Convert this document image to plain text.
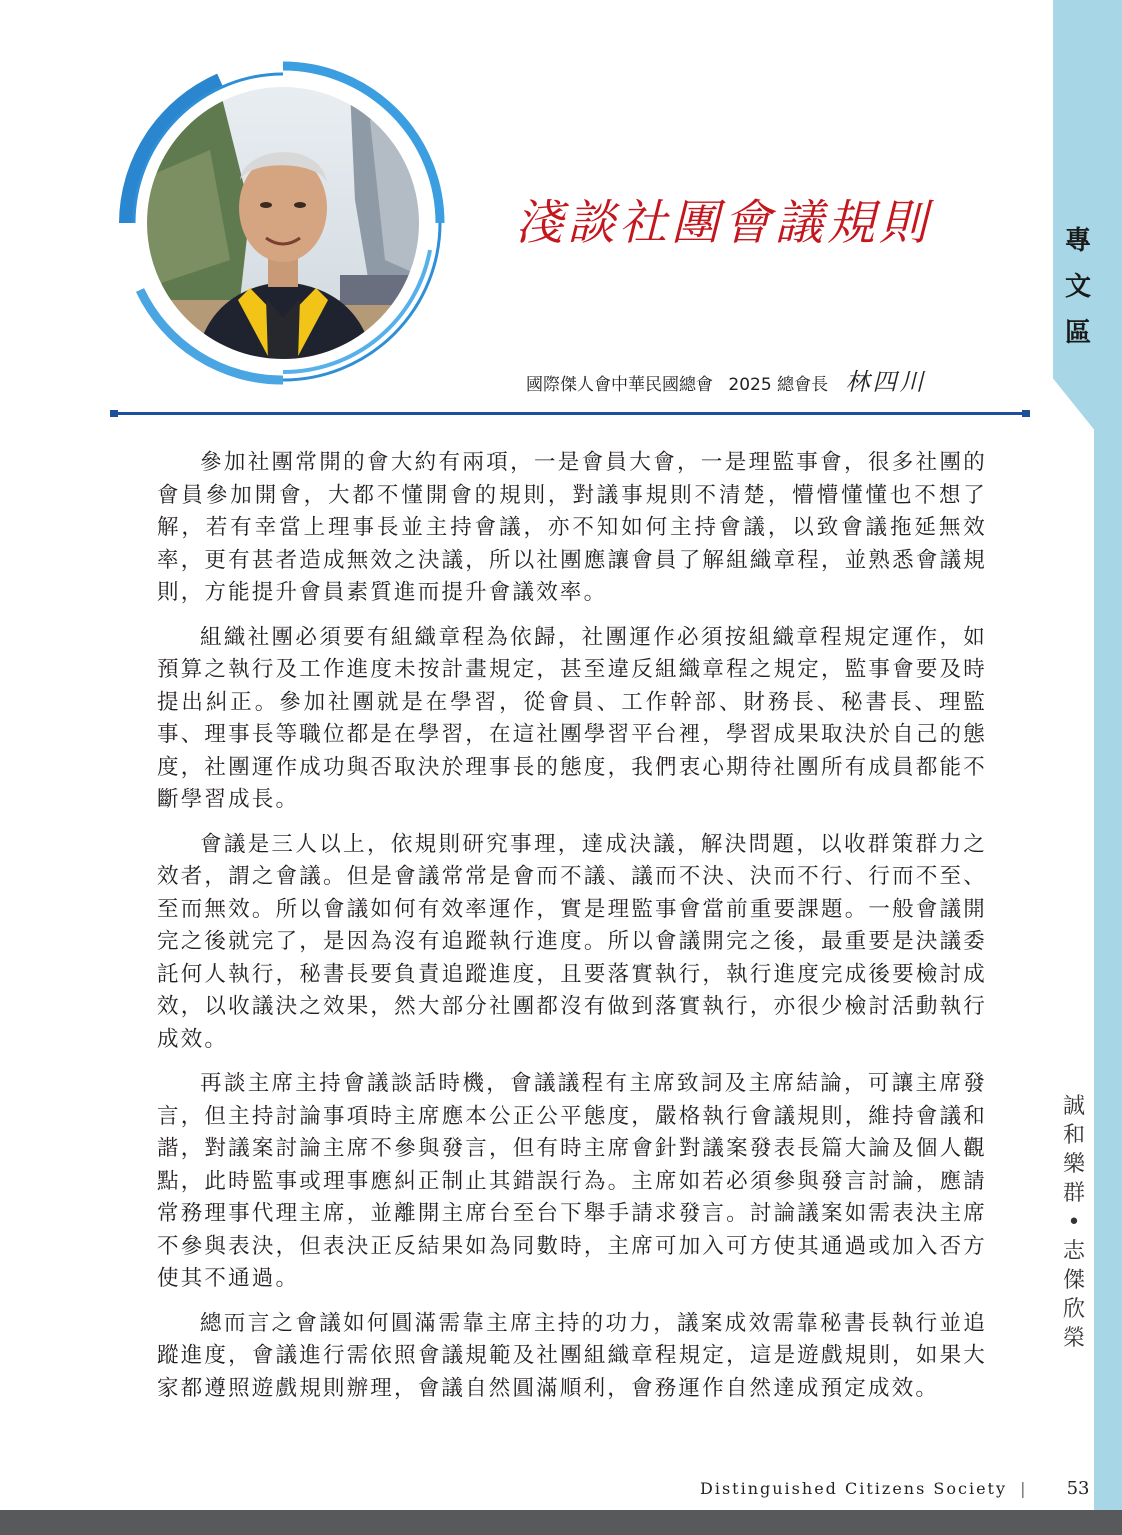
專
文
區
誠
和
樂
群
•
志
傑
欣
榮
淺談社團會議規則
國際傑人會中華民國總會 2025 總會長 林四川

參加社團常開的會大約有兩項，一是會員大會，一是理監事會，很多社團的會員參加開會，大都不懂開會的規則，對議事規則不清楚，懵懵懂懂也不想了解，若有幸當上理事長並主持會議，亦不知如何主持會議，以致會議拖延無效率，更有甚者造成無效之決議，所以社團應讓會員了解組織章程，並熟悉會議規則，方能提升會員素質進而提升會議效率。

組織社團必須要有組織章程為依歸，社團運作必須按組織章程規定運作，如預算之執行及工作進度未按計畫規定，甚至違反組織章程之規定，監事會要及時提出糾正。參加社團就是在學習，從會員、工作幹部、財務長、秘書長、理監事、理事長等職位都是在學習，在這社團學習平台裡，學習成果取決於自己的態度，社團運作成功與否取決於理事長的態度，我們衷心期待社團所有成員都能不斷學習成長。

會議是三人以上，依規則研究事理，達成決議，解決問題，以收群策群力之效者，謂之會議。但是會議常常是會而不議、議而不決、決而不行、行而不至、至而無效。所以會議如何有效率運作，實是理監事會當前重要課題。一般會議開完之後就完了，是因為沒有追蹤執行進度。所以會議開完之後，最重要是決議委託何人執行，秘書長要負責追蹤進度，且要落實執行，執行進度完成後要檢討成效，以收議決之效果，然大部分社團都沒有做到落實執行，亦很少檢討活動執行成效。

再談主席主持會議談話時機，會議議程有主席致詞及主席結論，可讓主席發言，但主持討論事項時主席應本公正公平態度，嚴格執行會議規則，維持會議和諧，對議案討論主席不參與發言，但有時主席會針對議案發表長篇大論及個人觀點，此時監事或理事應糾正制止其錯誤行為。主席如若必須參與發言討論，應請常務理事代理主席，並離開主席台至台下舉手請求發言。討論議案如需表決主席不參與表決，但表決正反結果如為同數時，主席可加入可方使其通過或加入否方使其不通過。

總而言之會議如何圓滿需靠主席主持的功力，議案成效需靠秘書長執行並追蹤進度，會議進行需依照會議規範及社團組織章程規定，這是遊戲規則，如果大家都遵照遊戲規則辦理，會議自然圓滿順利，會務運作自然達成預定成效。

Distinguished Citizens Society | 53
